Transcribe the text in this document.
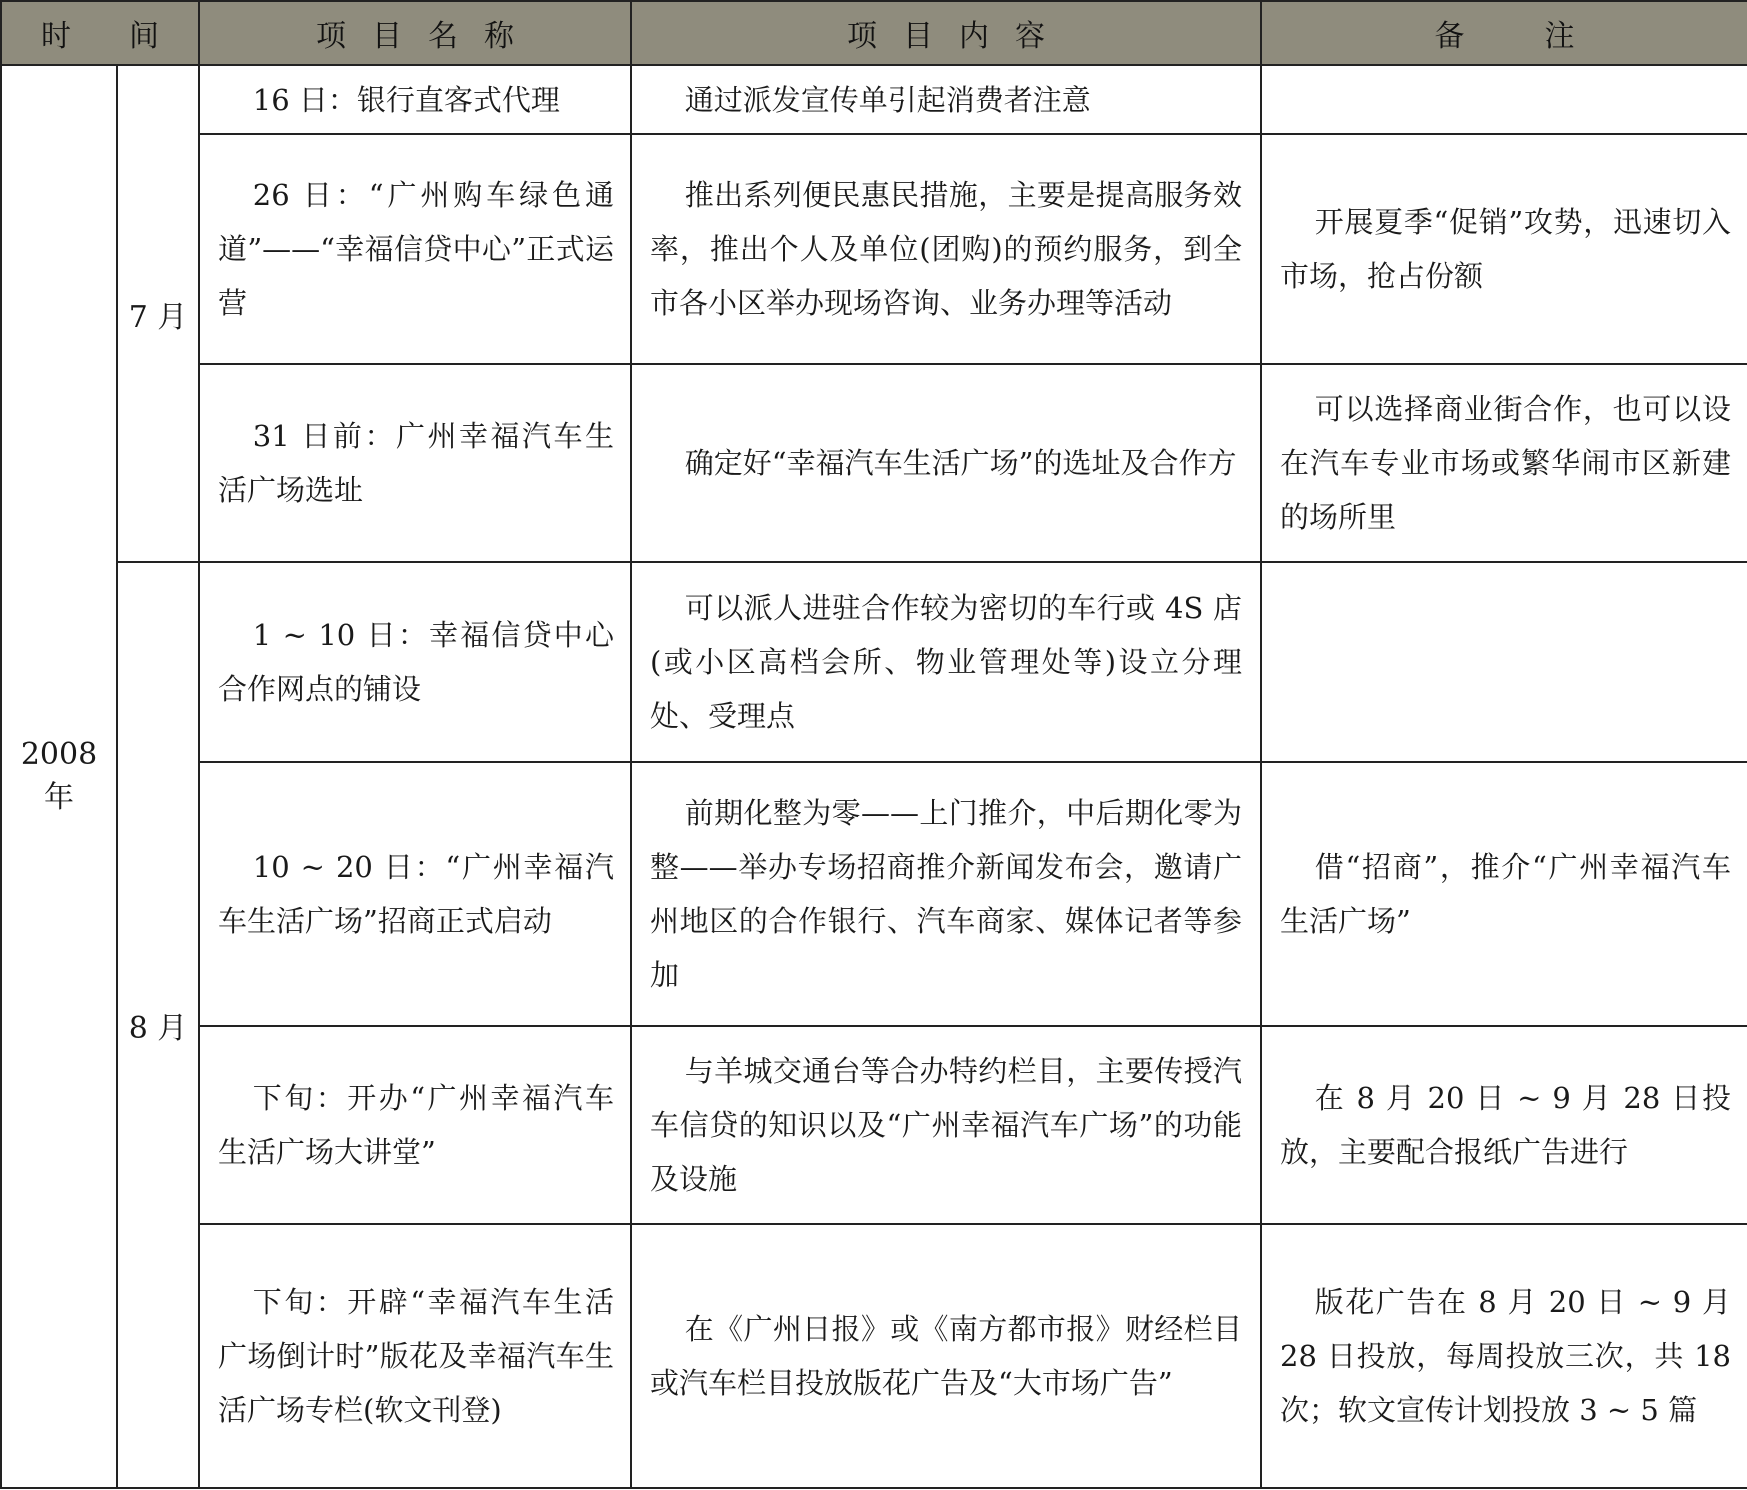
时间		项目名称	项目内容	备注
2008 年	7 月	16 日：银行直客式代理	通过派发宣传单引起消费者注意	

		26 日：“广州购车绿色通道”——“幸福信贷中心”正式运营	推出系列便民惠民措施，主要是提高服务效率，推出个人及单位(团购)的预约服务，到全市各小区举办现场咨询、业务办理等活动	开展夏季“促销”攻势，迅速切入市场，抢占份额

		31 日前：广州幸福汽车生活广场选址	确定好“幸福汽车生活广场”的选址及合作方	可以选择商业街合作，也可以设在汽车专业市场或繁华闹市区新建的场所里

	8 月	1 ~ 10 日：幸福信贷中心合作网点的铺设	可以派人进驻合作较为密切的车行或 4S 店(或小区高档会所、物业管理处等)设立分理处、受理点	

		10 ~ 20 日：“广州幸福汽车生活广场”招商正式启动	前期化整为零——上门推介，中后期化零为整——举办专场招商推介新闻发布会，邀请广州地区的合作银行、汽车商家、媒体记者等参加	借“招商”，推介“广州幸福汽车生活广场”

		下旬：开办“广州幸福汽车生活广场大讲堂”	与羊城交通台等合办特约栏目，主要传授汽车信贷的知识以及“广州幸福汽车广场”的功能及设施	在 8 月 20 日 ~ 9 月 28 日投放，主要配合报纸广告进行

		下旬：开辟“幸福汽车生活广场倒计时”版花及幸福汽车生活广场专栏(软文刊登)	在《广州日报》或《南方都市报》财经栏目或汽车栏目投放版花广告及“大市场广告”	版花广告在 8 月 20 日 ~ 9 月 28 日投放，每周投放三次，共 18 次；软文宣传计划投放 3 ~ 5 篇
